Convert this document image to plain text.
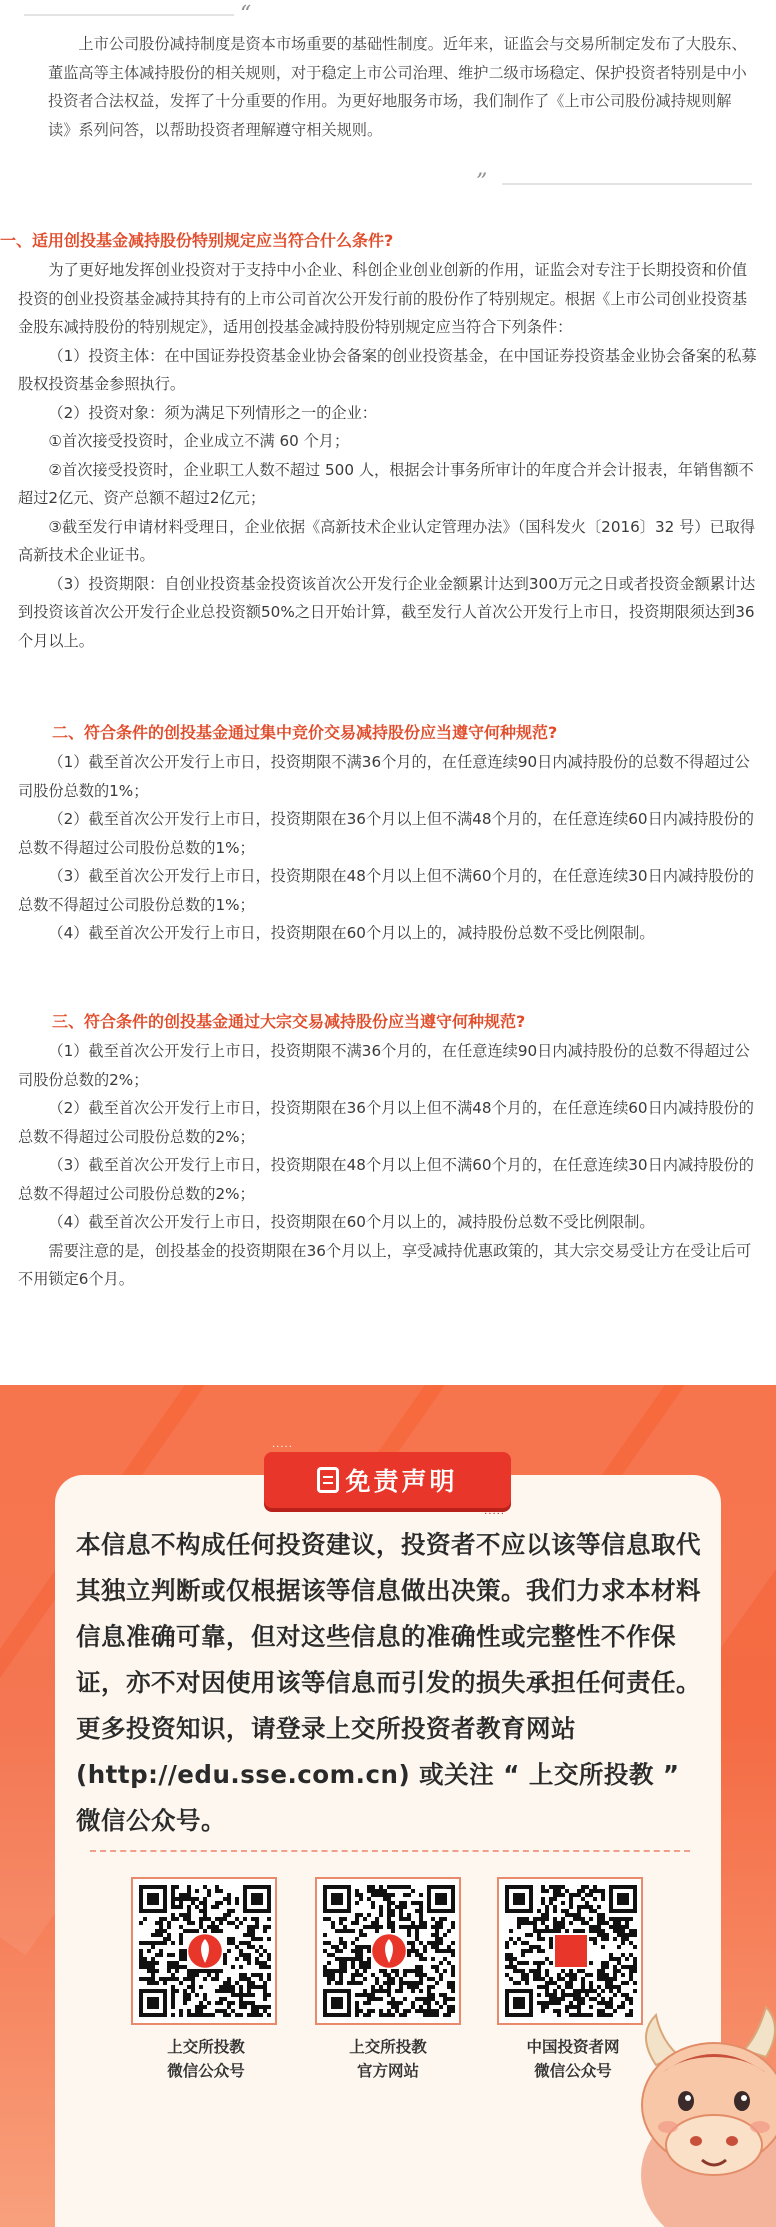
“
”

上市公司股份减持制度是资本市场重要的基础性制度。近年来，证监会与交易所制定发布了大股东、董监高等主体减持股份的相关规则，对于稳定上市公司治理、维护二级市场稳定、保护投资者特别是中小投资者合法权益，发挥了十分重要的作用。为更好地服务市场，我们制作了《上市公司股份减持规则解读》系列问答，以帮助投资者理解遵守相关规则。

一、适用创投基金减持股份特别规定应当符合什么条件?

为了更好地发挥创业投资对于支持中小企业、科创企业创业创新的作用，证监会对专注于长期投资和价值投资的创业投资基金减持其持有的上市公司首次公开发行前的股份作了特别规定。根据《上市公司创业投资基金股东减持股份的特别规定》，适用创投基金减持股份特别规定应当符合下列条件：

（1）投资主体：在中国证券投资基金业协会备案的创业投资基金，在中国证券投资基金业协会备案的私募股权投资基金参照执行。

（2）投资对象：须为满足下列情形之一的企业：

①首次接受投资时，企业成立不满 60 个月；

②首次接受投资时，企业职工人数不超过 500 人，根据会计事务所审计的年度合并会计报表，年销售额不超过2亿元、资产总额不超过2亿元；

③截至发行申请材料受理日，企业依据《高新技术企业认定管理办法》（国科发火〔2016〕32 号）已取得高新技术企业证书。

（3）投资期限：自创业投资基金投资该首次公开发行企业金额累计达到300万元之日或者投资金额累计达到投资该首次公开发行企业总投资额50%之日开始计算，截至发行人首次公开发行上市日，投资期限须达到36个月以上。

二、符合条件的创投基金通过集中竞价交易减持股份应当遵守何种规范?

（1）截至首次公开发行上市日，投资期限不满36个月的，在任意连续90日内减持股份的总数不得超过公司股份总数的1%；

（2）截至首次公开发行上市日，投资期限在36个月以上但不满48个月的，在任意连续60日内减持股份的总数不得超过公司股份总数的1%；

（3）截至首次公开发行上市日，投资期限在48个月以上但不满60个月的，在任意连续30日内减持股份的总数不得超过公司股份总数的1%；

（4）截至首次公开发行上市日，投资期限在60个月以上的，减持股份总数不受比例限制。

三、符合条件的创投基金通过大宗交易减持股份应当遵守何种规范?

（1）截至首次公开发行上市日，投资期限不满36个月的，在任意连续90日内减持股份的总数不得超过公司股份总数的2%；

（2）截至首次公开发行上市日，投资期限在36个月以上但不满48个月的，在任意连续60日内减持股份的总数不得超过公司股份总数的2%；

（3）截至首次公开发行上市日，投资期限在48个月以上但不满60个月的，在任意连续30日内减持股份的总数不得超过公司股份总数的2%；

（4）截至首次公开发行上市日，投资期限在60个月以上的，减持股份总数不受比例限制。

需要注意的是，创投基金的投资期限在36个月以上，享受减持优惠政策的，其大宗交易受让方在受让后可不用锁定6个月。

·····
免责声明
·····

本信息不构成任何投资建议，投资者不应以该等信息取代其独立判断或仅根据该等信息做出决策。我们力求本材料信息准确可靠，但对这些信息的准确性或完整性不作保证，亦不对因使用该等信息而引发的损失承担任何责任。更多投资知识，请登录上交所投资者教育网站(http://edu.sse.com.cn) 或关注 “ 上交所投教 ” 微信公众号。

上交所投教
微信公众号
上交所投教
官方网站
中国投资者网
微信公众号
